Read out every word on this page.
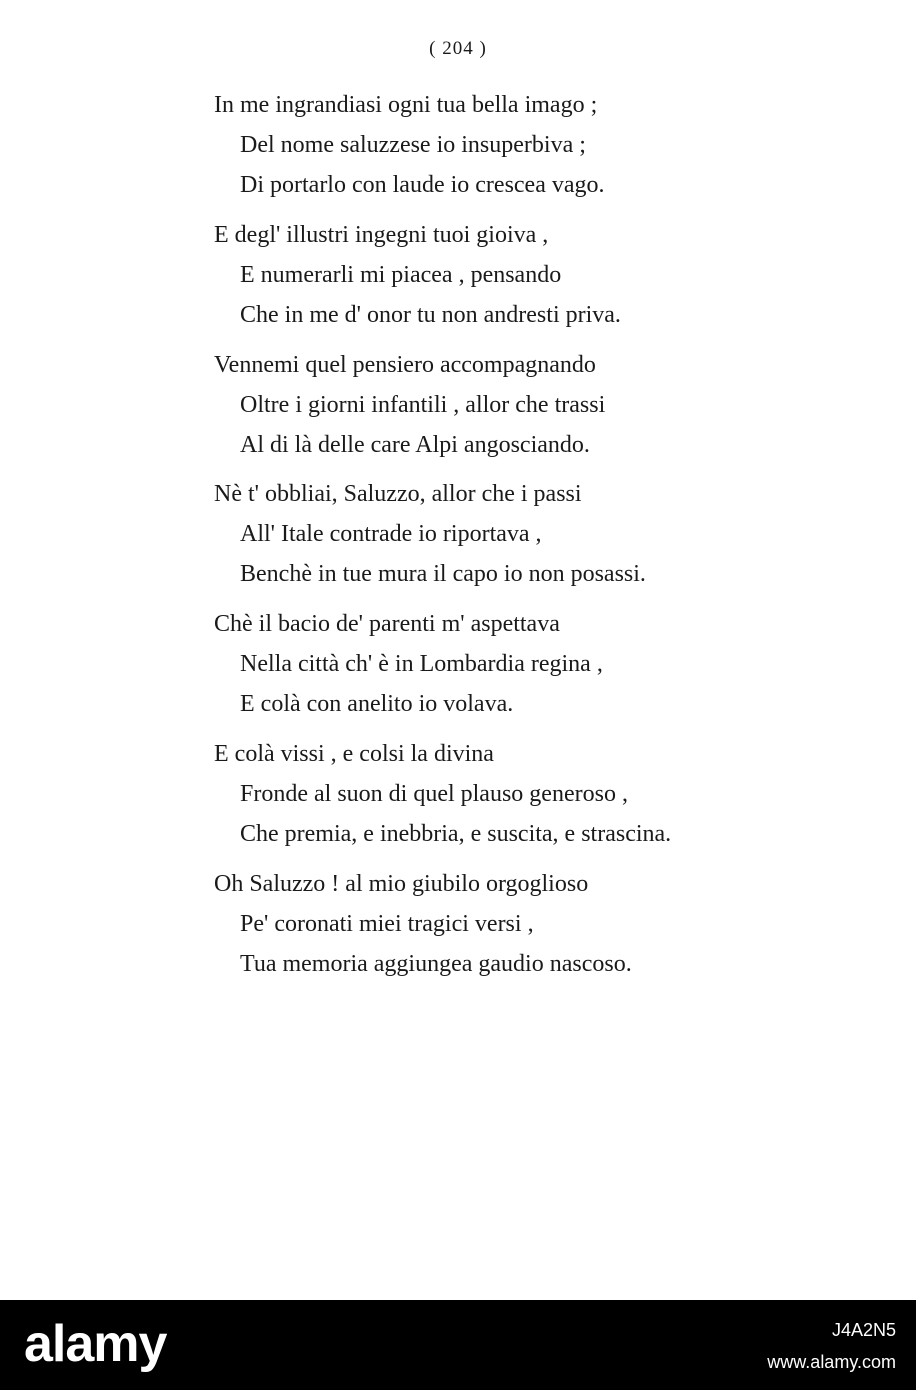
( 204 )
In me ingrandiasi ogni tua bella imago ;
Del nome saluzzese io insuperbiva ;
Di portarlo con laude io crescea vago.
E degl' illustri ingegni tuoi gioiva ,
E numerarli mi piacea , pensando
Che in me d' onor tu non andresti priva.
Vennemi quel pensiero accompagnando
Oltre i giorni infantili , allor che trassi
Al di là delle care Alpi angosciando.
Nè t' obbliai, Saluzzo, allor che i passi
All' Itale contrade io riportava ,
Benchè in tue mura il capo io non posassi.
Chè il bacio de' parenti m' aspettava
Nella città ch' è in Lombardia regina ,
E colà con anelito io volava.
E colà vissi , e colsi la divina
Fronde al suon di quel plauso generoso ,
Che premia, e inebbria, e suscita, e strascina.
Oh Saluzzo ! al mio giubilo orgoglioso
Pe' coronati miei tragici versi ,
Tua memoria aggiungea gaudio nascoso.
alamy	J4A2N5
www.alamy.com
